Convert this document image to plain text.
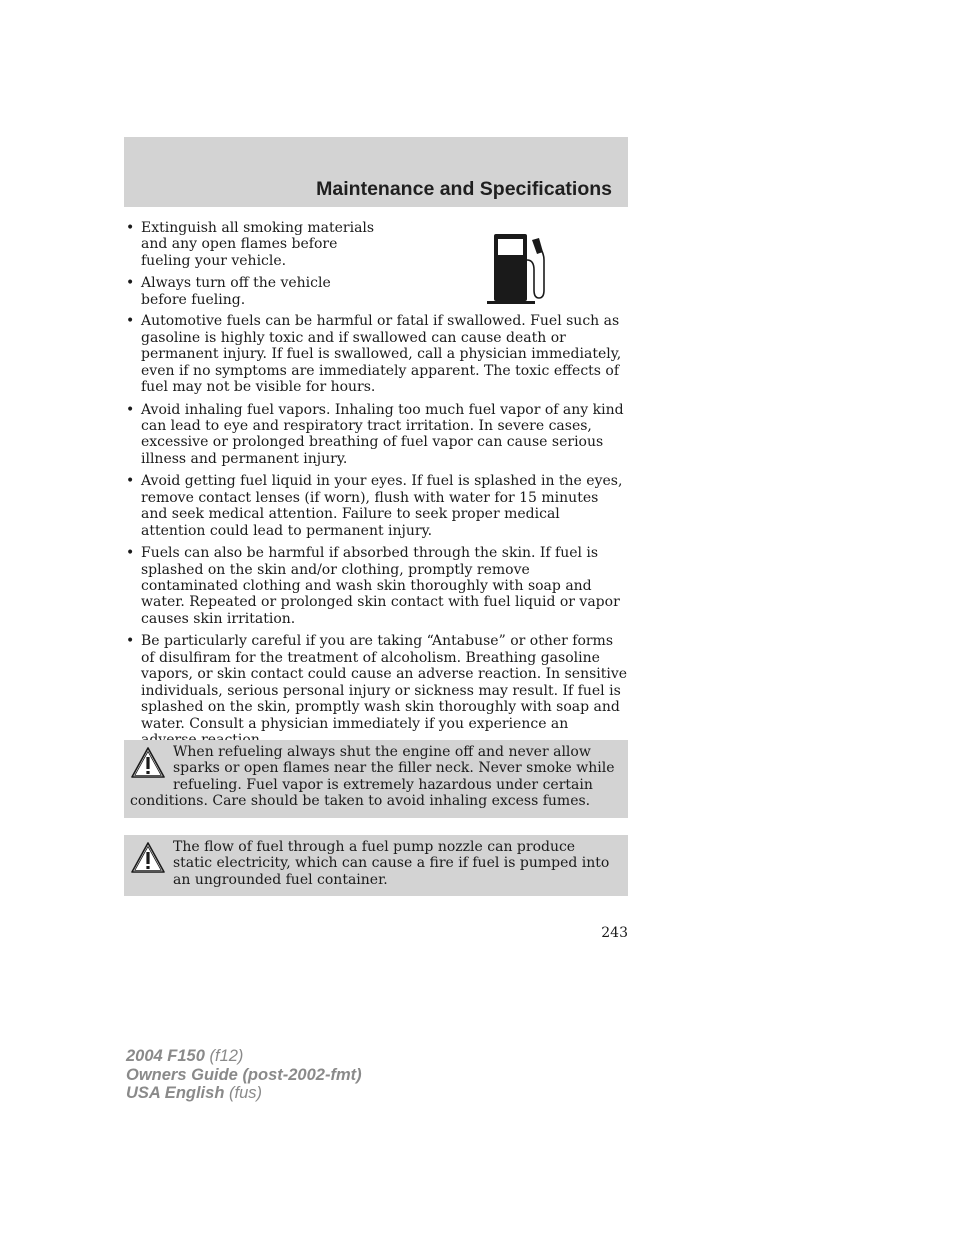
Maintenance and Specifications
• Extinguish all smoking materials and any open flames before fueling your vehicle.
• Always turn off the vehicle before fueling.
• Automotive fuels can be harmful or fatal if swallowed. Fuel such as gasoline is highly toxic and if swallowed can cause death or permanent injury. If fuel is swallowed, call a physician immediately, even if no symptoms are immediately apparent. The toxic effects of fuel may not be visible for hours.
• Avoid inhaling fuel vapors. Inhaling too much fuel vapor of any kind can lead to eye and respiratory tract irritation. In severe cases, excessive or prolonged breathing of fuel vapor can cause serious illness and permanent injury.
• Avoid getting fuel liquid in your eyes. If fuel is splashed in the eyes, remove contact lenses (if worn), flush with water for 15 minutes and seek medical attention. Failure to seek proper medical attention could lead to permanent injury.
• Fuels can also be harmful if absorbed through the skin. If fuel is splashed on the skin and/or clothing, promptly remove contaminated clothing and wash skin thoroughly with soap and water. Repeated or prolonged skin contact with fuel liquid or vapor causes skin irritation.
• Be particularly careful if you are taking “Antabuse” or other forms of disulfiram for the treatment of alcoholism. Breathing gasoline vapors, or skin contact could cause an adverse reaction. In sensitive individuals, serious personal injury or sickness may result. If fuel is splashed on the skin, promptly wash skin thoroughly with soap and water. Consult a physician immediately if you experience an
When refueling always shut the engine off and never allow sparks or open flames near the filler neck. Never smoke while refueling. Fuel vapor is extremely hazardous under certain conditions. Care should be taken to avoid inhaling excess fumes.
The flow of fuel through a fuel pump nozzle can produce static electricity, which can cause a fire if fuel is pumped into an ungrounded fuel container.
243
2004 F150 (f12)
Owners Guide (post-2002-fmt)
USA English (fus)
